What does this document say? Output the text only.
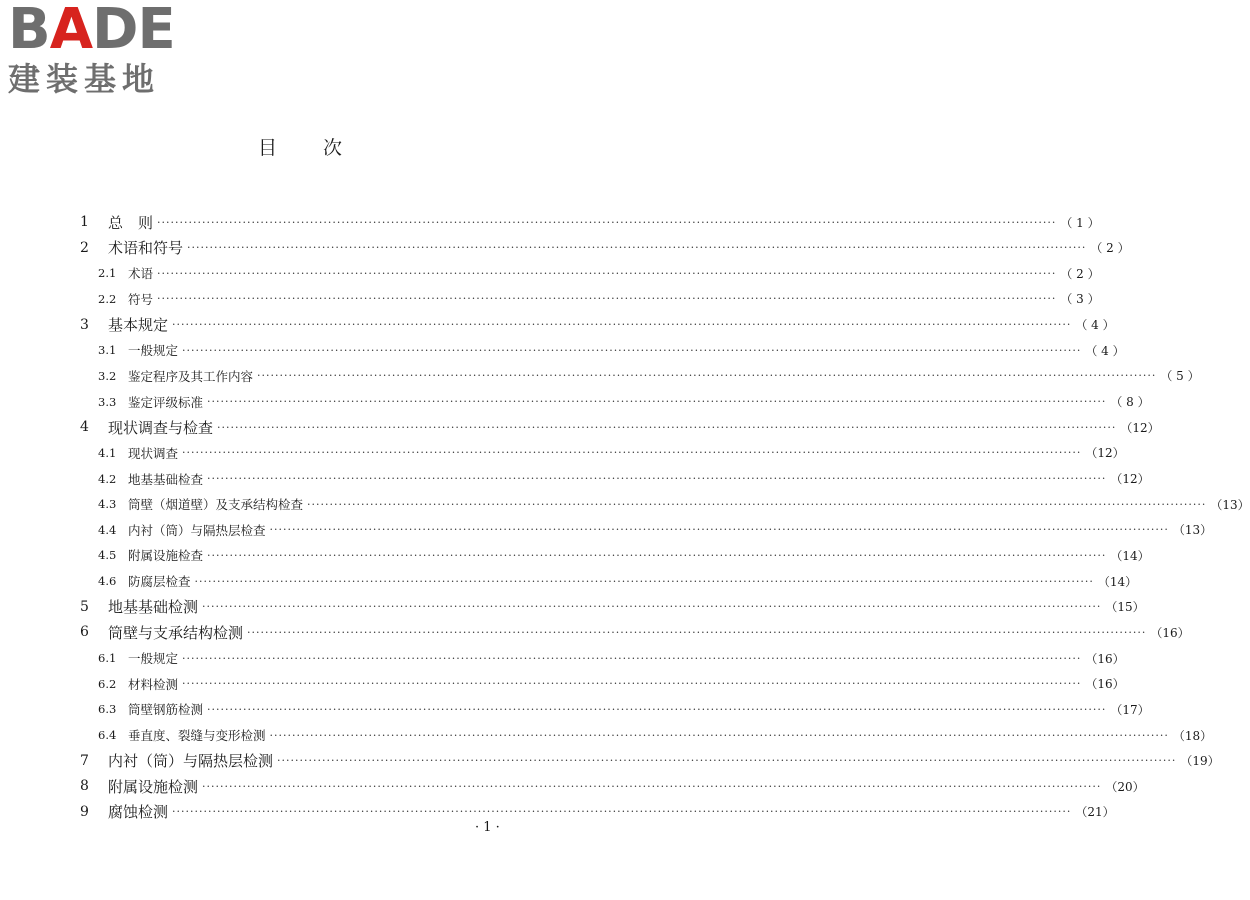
BADE
建装基地
目次
1	总　则 ········································································································································································································ （ 1 ）
2	术语和符号 ········································································································································································································ （ 2 ）
2.1 术语 ········································································································································································································ （ 2 ）
2.2 符号 ········································································································································································································ （ 3 ）
3	基本规定 ········································································································································································································ （ 4 ）
3.1 一般规定 ········································································································································································································ （ 4 ）
3.2 鉴定程序及其工作内容 ········································································································································································································ （ 5 ）
3.3 鉴定评级标准 ········································································································································································································ （ 8 ）
4	现状调查与检查 ········································································································································································································ （12）
4.1 现状调查 ········································································································································································································ （12）
4.2 地基基础检查 ········································································································································································································ （12）
4.3 筒壁（烟道壁）及支承结构检查 ········································································································································································································ （13）
4.4 内衬（筒）与隔热层检查 ········································································································································································································ （13）
4.5 附属设施检查 ········································································································································································································ （14）
4.6 防腐层检查 ········································································································································································································ （14）
5	地基基础检测 ········································································································································································································ （15）
6	筒壁与支承结构检测 ········································································································································································································ （16）
6.1 一般规定 ········································································································································································································ （16）
6.2 材料检测 ········································································································································································································ （16）
6.3 筒壁钢筋检测 ········································································································································································································ （17）
6.4 垂直度、裂缝与变形检测 ········································································································································································································ （18）
7	内衬（筒）与隔热层检测 ········································································································································································································ （19）
8	附属设施检测 ········································································································································································································ （20）
9	腐蚀检测 ········································································································································································································ （21）
· 1 ·
